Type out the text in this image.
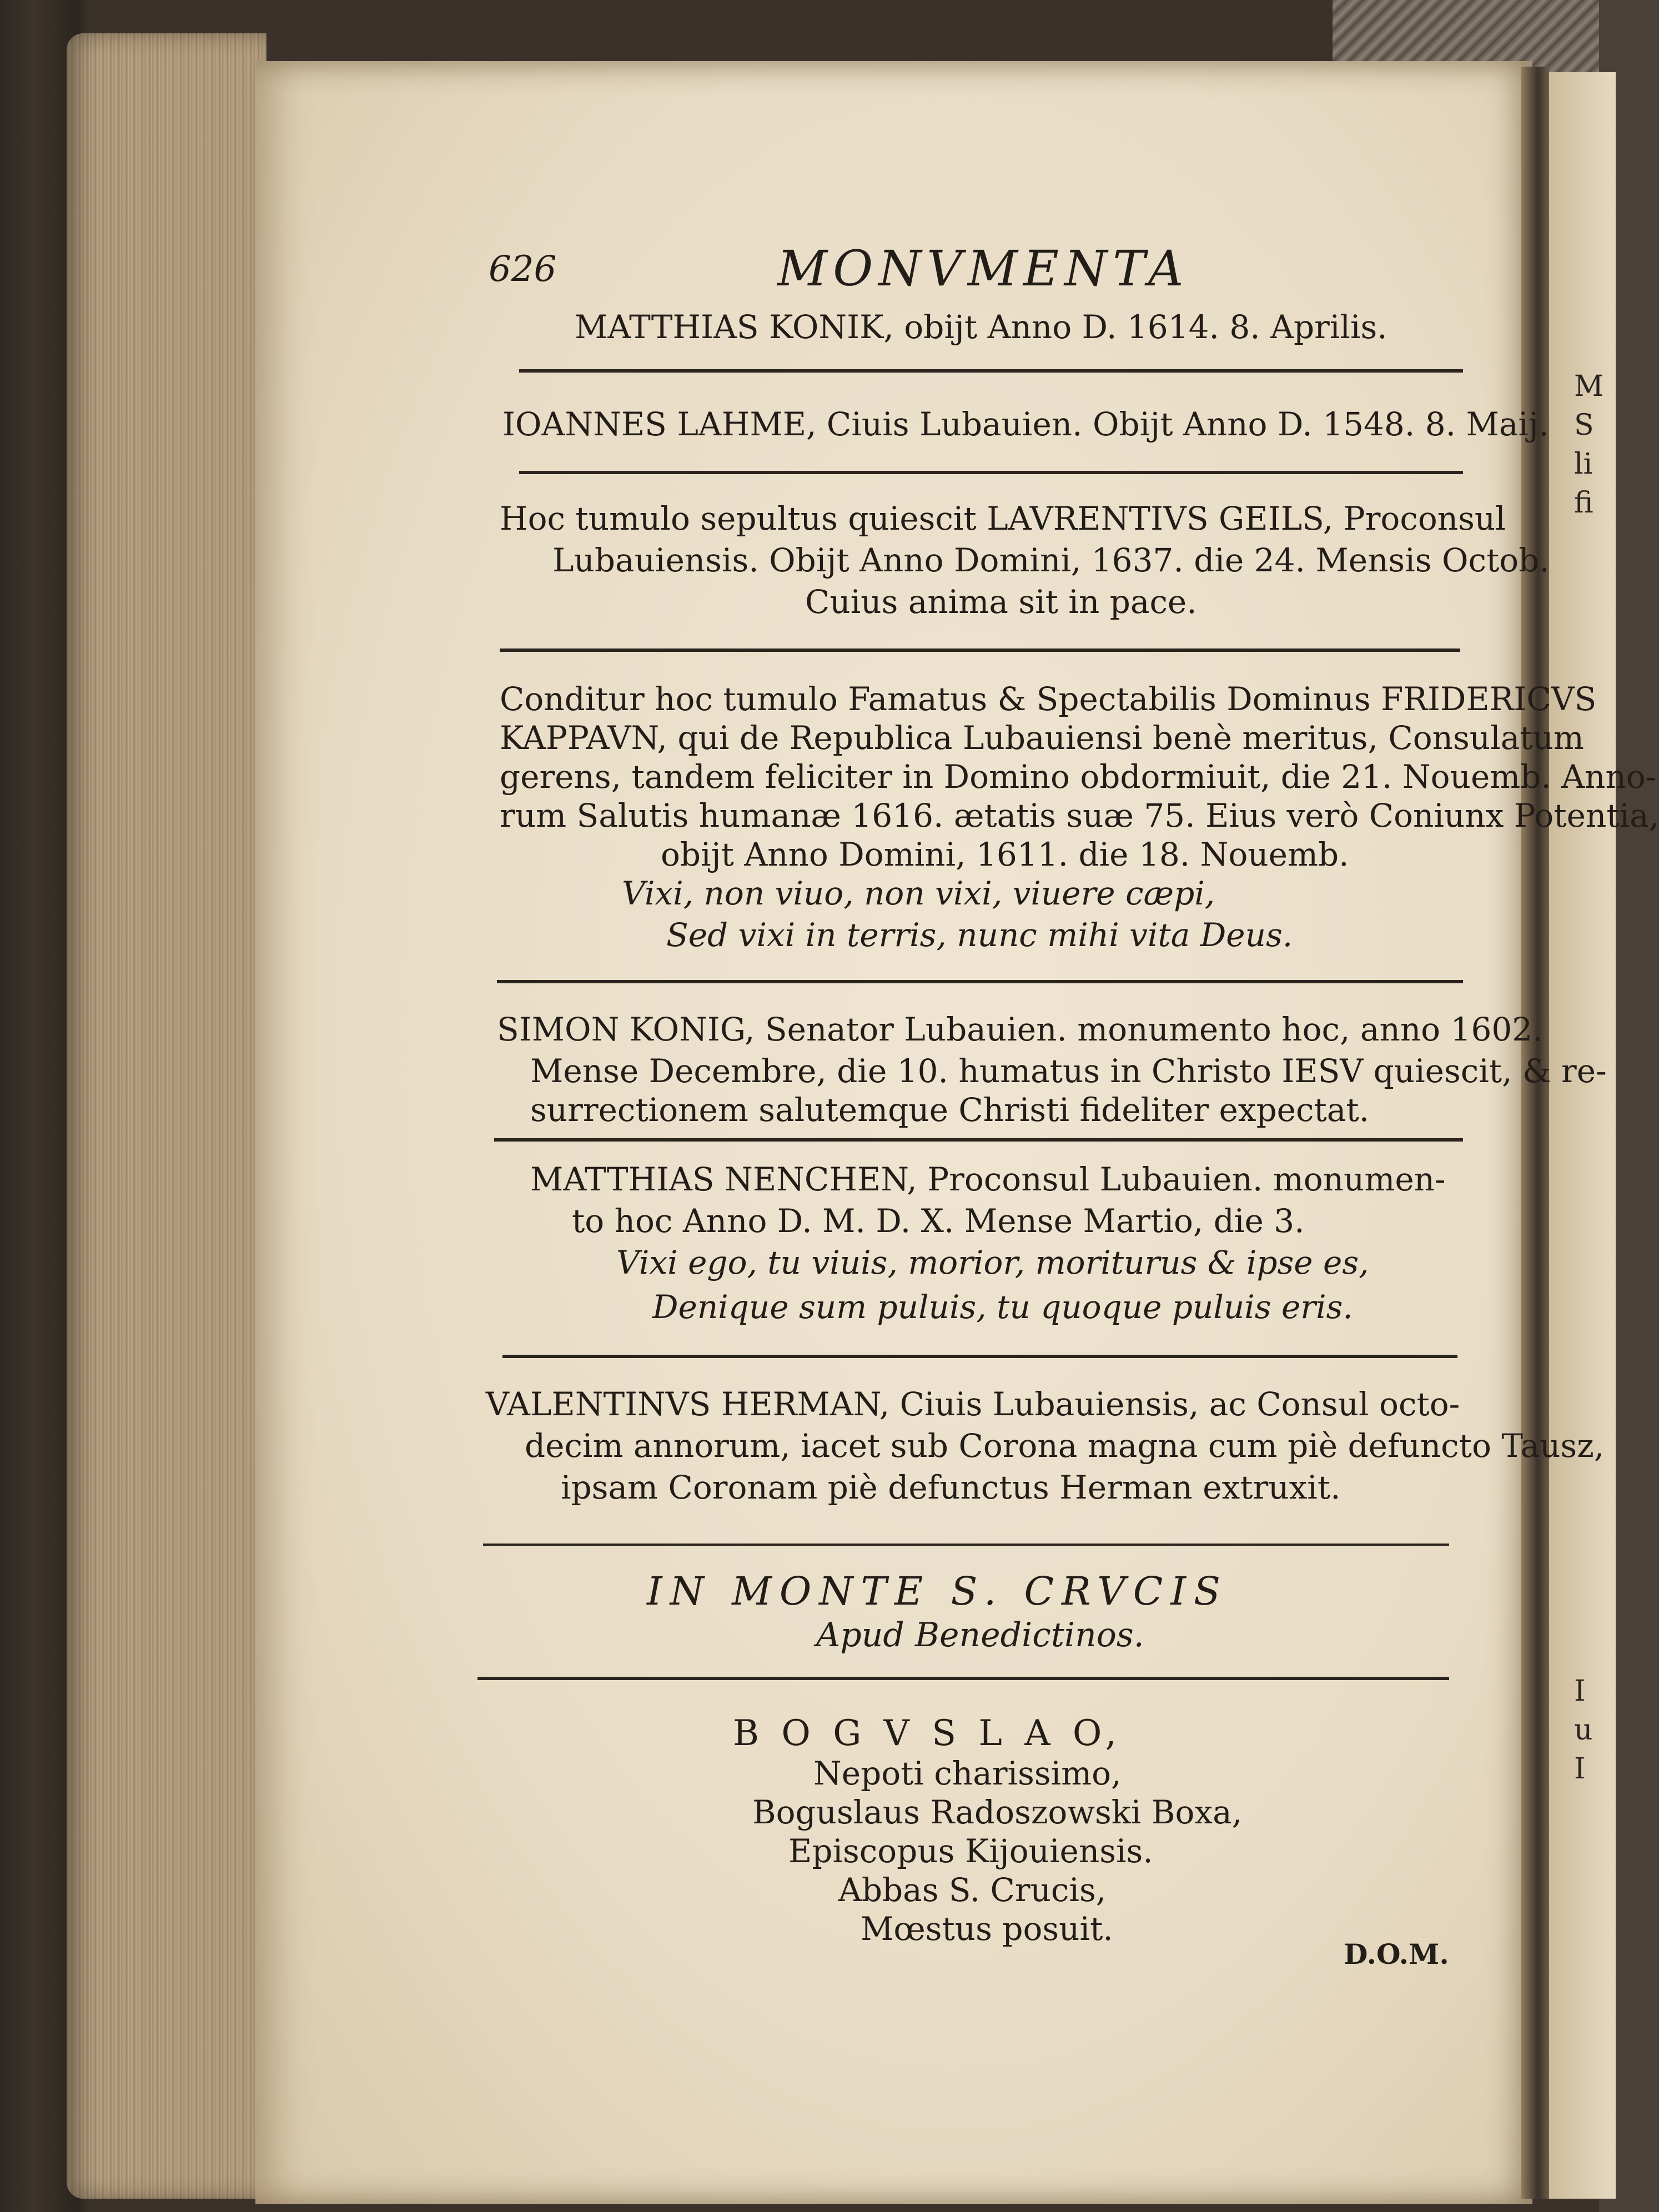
M
S
li
fi
I
u
I
626	MONVMENTA
MATTHIAS KONIK, obijt Anno D. 1614. 8. Aprilis.
IOANNES LAHME, Ciuis Lubauien. Obijt Anno D. 1548. 8. Maij.
Hoc tumulo sepultus quiescit LAVRENTIVS GEILS, Proconsul
Lubauiensis. Obijt Anno Domini, 1637. die 24. Mensis Octob.
Cuius anima sit in pace.
Conditur hoc tumulo Famatus & Spectabilis Dominus FRIDERICVS
KAPPAVN, qui de Republica Lubauiensi benè meritus, Consulatum
gerens, tandem feliciter in Domino obdormiuit, die 21. Nouemb. Anno-
rum Salutis humanæ 1616. ætatis suæ 75. Eius verò Coniunx Potentia,
obijt Anno Domini, 1611. die 18. Nouemb.
Vixi, non viuo, non vixi, viuere cæpi,
Sed vixi in terris, nunc mihi vita Deus.
SIMON KONIG, Senator Lubauien. monumento hoc, anno 1602.
Mense Decembre, die 10. humatus in Christo IESV quiescit, & re-
surrectionem salutemque Christi fideliter expectat.
MATTHIAS NENCHEN, Proconsul Lubauien. monumen-
to hoc Anno D. M. D. X. Mense Martio, die 3.
Vixi ego, tu viuis, morior, moriturus & ipse es,
Denique sum puluis, tu quoque puluis eris.
VALENTINVS HERMAN, Ciuis Lubauiensis, ac Consul octo-
decim annorum, iacet sub Corona magna cum piè defuncto Tausz,
ipsam Coronam piè defunctus Herman extruxit.
IN MONTE S. CRVCIS
Apud Benedictinos.
B O G V S L A O,
Nepoti charissimo,
Boguslaus Radoszowski Boxa,
Episcopus Kijouiensis.
Abbas S. Crucis,
Mœstus posuit.
D.O.M.
